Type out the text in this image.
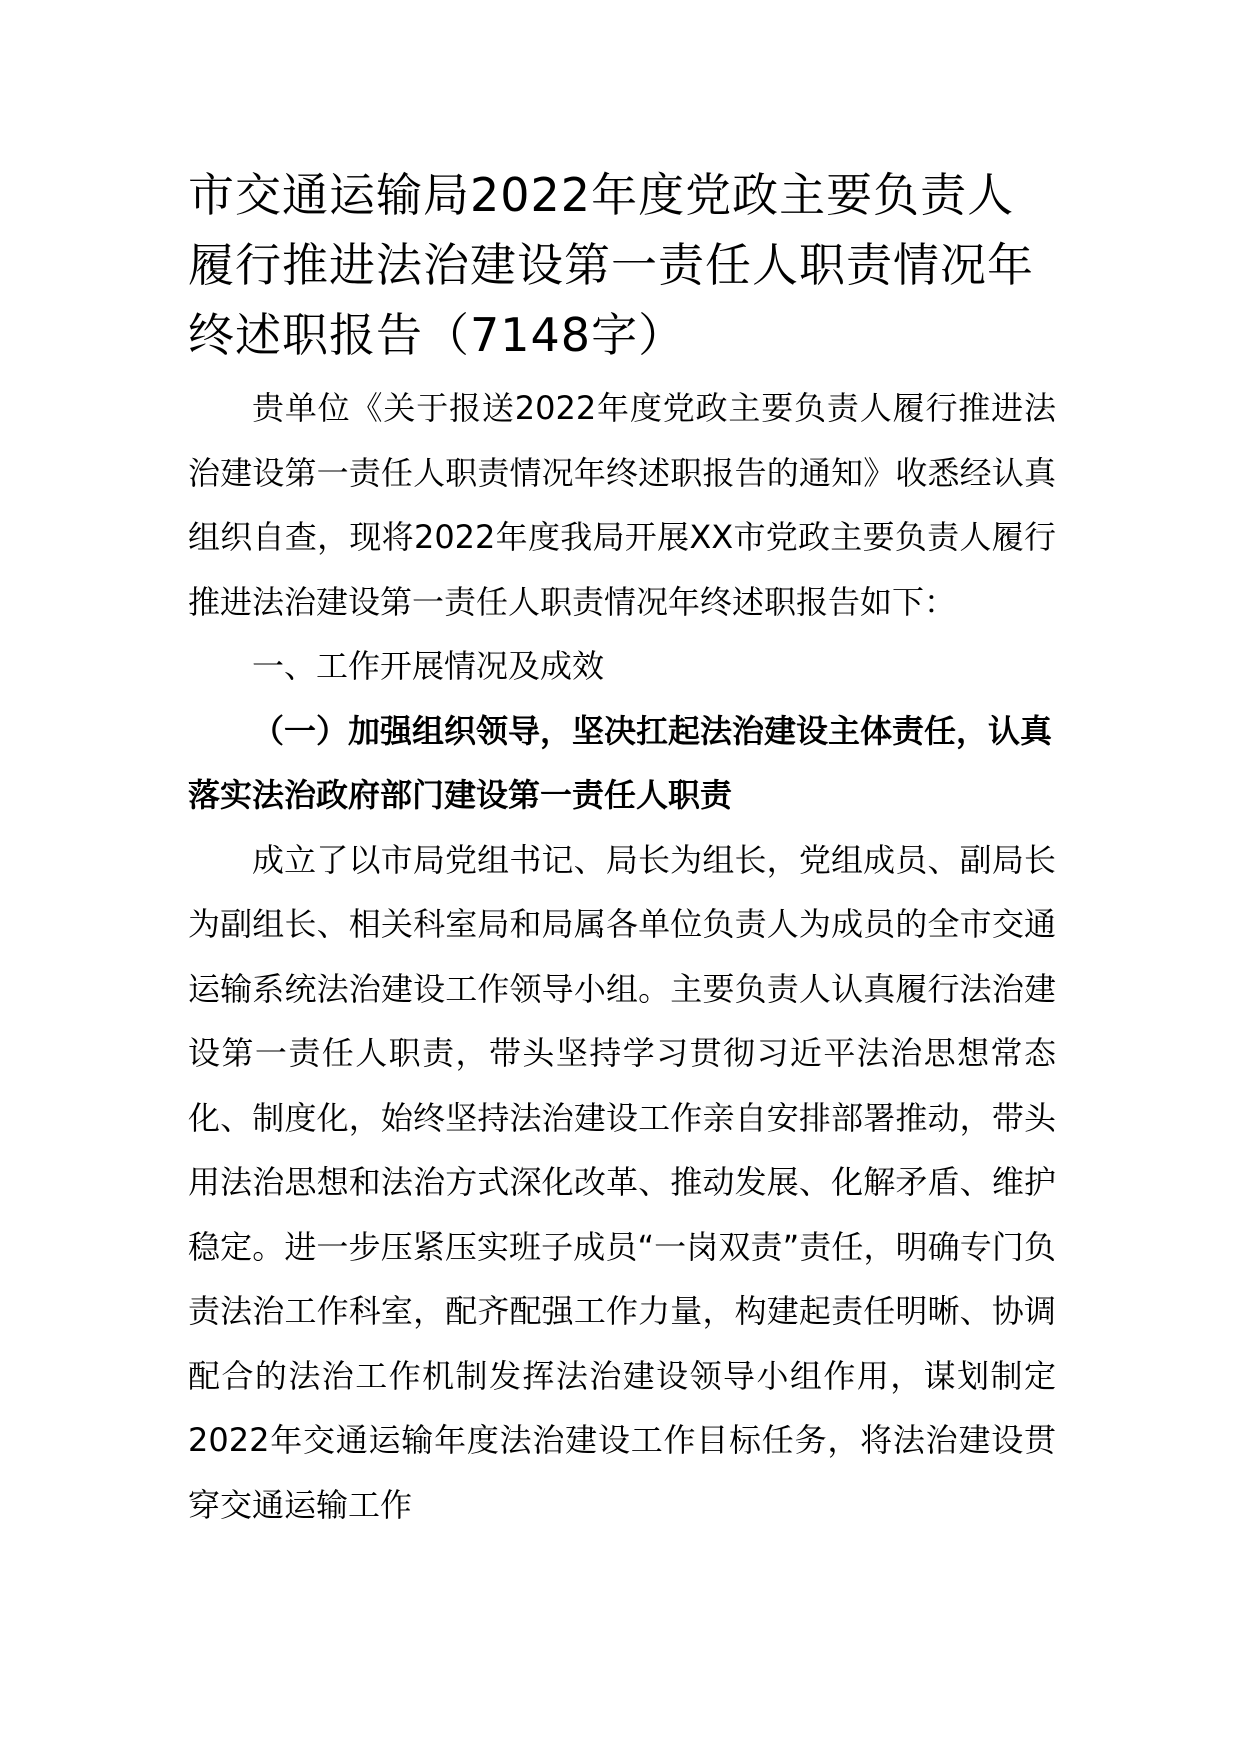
市交通运输局2022年度党政主要负责人履行推进法治建设第一责任人职责情况年终述职报告（7148字）

贵单位《关于报送2022年度党政主要负责人履行推进法治建设第一责任人职责情况年终述职报告的通知》收悉经认真组织自查，现将2022年度我局开展XX市党政主要负责人履行推进法治建设第一责任人职责情况年终述职报告如下：

一、工作开展情况及成效

（一）加强组织领导，坚决扛起法治建设主体责任，认真落实法治政府部门建设第一责任人职责

成立了以市局党组书记、局长为组长，党组成员、副局长为副组长、相关科室局和局属各单位负责人为成员的全市交通运输系统法治建设工作领导小组。主要负责人认真履行法治建设第一责任人职责，带头坚持学习贯彻习近平法治思想常态化、制度化，始终坚持法治建设工作亲自安排部署推动，带头用法治思想和法治方式深化改革、推动发展、化解矛盾、维护稳定。进一步压紧压实班子成员“一岗双责”责任，明确专门负责法治工作科室，配齐配强工作力量，构建起责任明晰、协调配合的法治工作机制发挥法治建设领导小组作用，谋划制定2022年交通运输年度法治建设工作目标任务，将法治建设贯穿交通运输工作
